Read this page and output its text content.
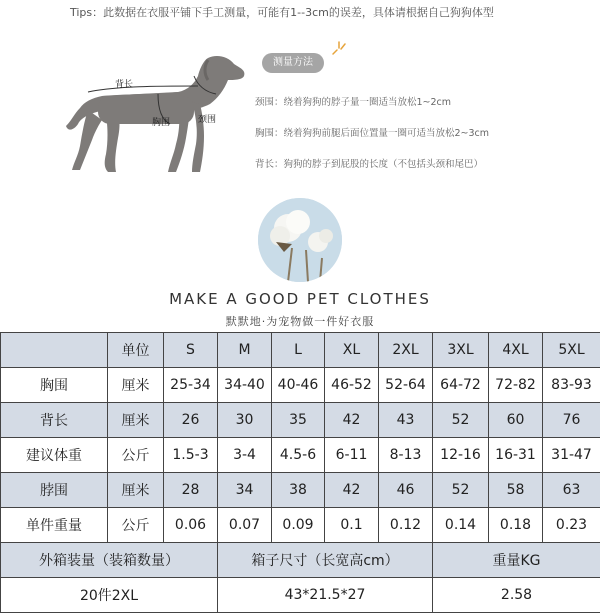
Tips：此数据在衣服平铺下手工测量，可能有1--3cm的误差，具体请根据自己狗狗体型
背长
胸围	颈围
测量方法
颈围：绕着狗狗的脖子量一圈适当放松1~2cm
胸围：绕着狗狗前腿后面位置量一圈可适当放松2~3cm
背长：狗狗的脖子到屁股的长度（不包括头颈和尾巴）
MAKE A GOOD PET CLOTHES
默默地·为宠物做一件好衣服
	单位	S	M	L	XL	2XL	3XL	4XL	5XL
胸围	厘米	25-34	34-40	40-46	46-52	52-64	64-72	72-82	83-93
背长	厘米	26	30	35	42	43	52	60	76
建议体重	公斤	1.5-3	3-4	4.5-6	6-11	8-13	12-16	16-31	31-47
脖围	厘米	28	34	38	42	46	52	58	63
单件重量	公斤	0.06	0.07	0.09	0.1	0.12	0.14	0.18	0.23
外箱装量（装箱数量）			箱子尺寸（长宽高cm）				重量KG		
20件2XL			43*21.5*27				2.58		
